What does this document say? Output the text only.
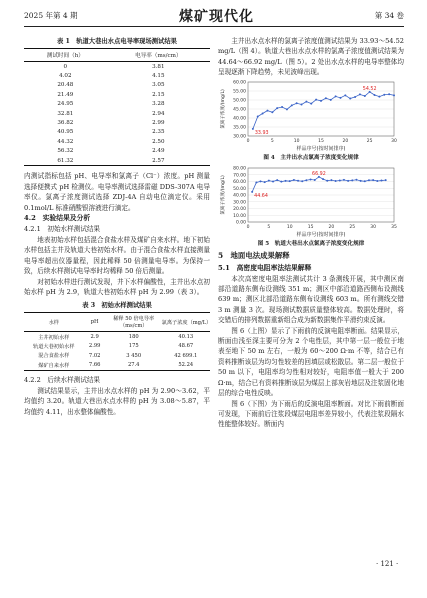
2025 年第 4 期	煤矿现代化	第 34 卷
表 1　轨道大巷出水点电导率现场测试结果
测试时间（h）	电导率（ms/cm）
0	3.81
4.02	4.15
20.48	3.05
21.49	2.15
24.95	3.28
32.81	2.94
36.82	2.99
40.95	2.35
44.32	2.50
56.32	2.49
61.32	2.57

内测试指标包括 pH、电导率和氯离子（Cl⁻）浓度。pH 测量选择便携式 pH 检测仪。电导率测试选择雷磁 DDS-307A 电导率仪。氯离子浓度测试选择 ZDJ-4A 自动电位滴定仪。采用 0.1mol/L 标准硝酸银溶液进行滴定。

4.2　实验结果及分析
4.2.1　初始水样测试结果

地表初始水样包括混合食盐水样及煤矿自来水样。地下初始水样包括主井及轨道大巷初始水样。由于混合食盐水样直接测量电导率超出仪器量程，因此稀释 50 倍测量电导率。为保持一致，后续水样测试电导率时均稀释 50 倍后测量。

对初始水样进行测试发现，井下水样偏酸性，主井出水点初始水样 pH 为 2.9，轨道大巷初始水样 pH 为 2.99（表 3）。

表 3　初始水样测试结果
水样	pH	稀释 50 倍电导率（ms/cm）	氯离子浓度（mg/L）
主井初始水样	2.9	180	40.13
轨道大巷初始水样	2.99	175	48.67
混合食盐水样	7.02	3 450	42 699.1
煤矿自来水样	7.66	27.4	52.24
4.2.2　后续水样测试结果

测试结果显示，主井出水点水样的 pH 为 2.90～3.62，平均值约 3.20。轨道大巷出水点水样的 pH 为 3.08～5.87，平均值约 4.11，出水整体偏酸性。

主井出水点水样的氯离子浓度值测试结果为 33.93～54.52 mg/L（图 4）。轨道大巷出水点水样的氯离子浓度值测试结果为 44.64～66.92 mg/L（图 5）。2 处出水点水样的电导率整体均呈现逐渐下降趋势，未见波峰出现。

30.00
35.00
40.00
45.00
50.00
55.00
60.00
0	5	10	15	20	25	30
54.52
33.93
样品序号(按时间排序)
氯离子浓度/(mg/L)
图 4　主井出水点氯离子浓度变化规律
0.00
10.00
20.00
30.00
40.00
50.00
60.00
70.00
80.00
0	5	10	15	20	25	30	35
66.92
44.64
样品序号(按时间排序)
氯离子浓度/(mg/L)
图 5　轨道大巷出水点氯离子浓度变化规律
5　地面电法成果解释
5.1　高密度电阻率法结果解释

本次高密度电阻率法测试共计 3 条测线开展，其中测区南部沿道路东侧布设测线 351 m；测区中部沿道路西侧布设测线 639 m；测区北部沿道路东侧布设测线 603 m。所有测线交错 3 m 测量 3 次。现场测试数据质量整体较高。数据处理时，将交错后的排列数据重新组合成为新数据集作平滑约束反演。

图 6（上图）显示了下雨前的反演电阻率断面。结果显示，断面由浅至深主要可分为 2 个电性层，其中第一层一般位于地表至地下 50 m 左右，一般为 60～200 Ω·m 不等，结合已有资料推断该层为均匀性较差的回填层或松散层。第二层一般位于 50 m 以下，电阻率均匀性相对较好，电阻率值一般大于 200 Ω·m，结合已有资料推断该层为煤层上部灰岩地层及注浆固化地层的综合电性反映。

图 6（下图）为下雨后的反演电阻率断面。对比下雨前断面可发现，下雨前后注浆段煤层电阻率差异较小，代表注浆段隔水性能整体较好。断面内

· 121 ·
